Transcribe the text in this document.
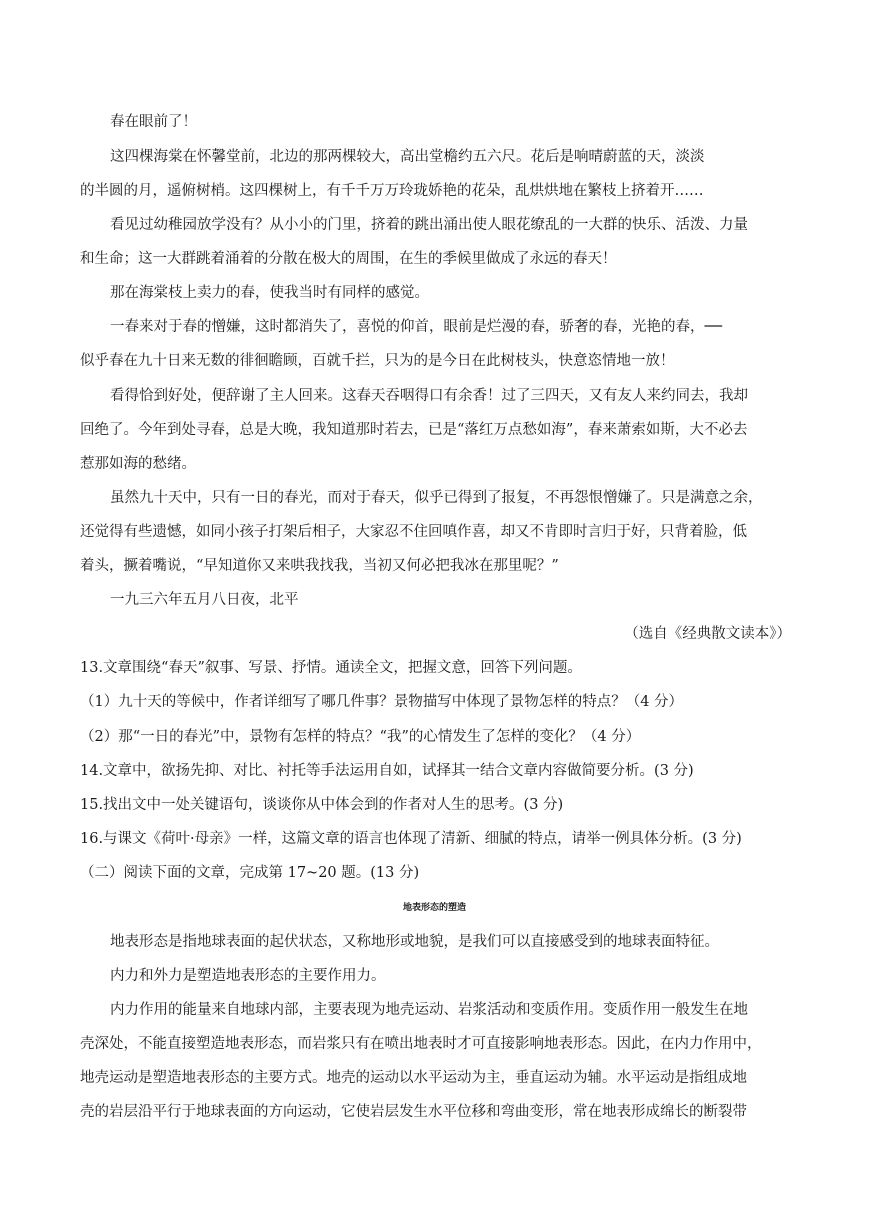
春在眼前了！
这四棵海棠在怀馨堂前，北边的那两棵较大，高出堂檐约五六尺。花后是响晴蔚蓝的天，淡淡
的半圆的月，遥俯树梢。这四棵树上，有千千万万玲珑娇艳的花朵，乱烘烘地在繁枝上挤着开……
看见过幼稚园放学没有？从小小的门里，挤着的跳出涌出使人眼花缭乱的一大群的快乐、活泼、力量
和生命；这一大群跳着涌着的分散在极大的周围，在生的季候里做成了永远的春天！
那在海棠枝上卖力的春，使我当时有同样的感觉。
一春来对于春的憎嫌，这时都消失了，喜悦的仰首，眼前是烂漫的春，骄奢的春，光艳的春，──
似乎春在九十日来无数的徘徊瞻顾，百就千拦，只为的是今日在此树枝头，快意恣情地一放！
看得恰到好处，便辞谢了主人回来。这春天吞咽得口有余香！过了三四天，又有友人来约同去，我却
回绝了。今年到处寻春，总是大晚，我知道那时若去，已是“落红万点愁如海”，春来萧索如斯，大不必去
惹那如海的愁绪。
虽然九十天中，只有一日的春光，而对于春天，似乎已得到了报复，不再怨恨憎嫌了。只是满意之余，
还觉得有些遗憾，如同小孩子打架后相子，大家忍不住回嗔作喜，却又不肯即时言归于好，只背着脸，低
着头，撅着嘴说，“早知道你又来哄我找我，当初又何必把我冰在那里呢？”
一九三六年五月八日夜，北平
（选自《经典散文读本》）
13.文章围绕“春天”叙事、写景、抒情。通读全文，把握文意，回答下列问题。
（1）九十天的等候中，作者详细写了哪几件事？景物描写中体现了景物怎样的特点？（4 分）
（2）那“一日的春光”中，景物有怎样的特点？“我”的心情发生了怎样的变化？（4 分）
14.文章中，欲扬先抑、对比、衬托等手法运用自如，试择其一结合文章内容做简要分析。(3 分)
15.找出文中一处关键语句，谈谈你从中体会到的作者对人生的思考。(3 分)
16.与课文《荷叶·母亲》一样，这篇文章的语言也体现了清新、细腻的特点，请举一例具体分析。(3 分)
（二）阅读下面的文章，完成第 17~20 题。(13 分)
地表形态的塑造
地表形态是指地球表面的起伏状态，又称地形或地貌，是我们可以直接感受到的地球表面特征。
内力和外力是塑造地表形态的主要作用力。
内力作用的能量来自地球内部，主要表现为地壳运动、岩浆活动和变质作用。变质作用一般发生在地
壳深处，不能直接塑造地表形态，而岩浆只有在喷出地表时才可直接影响地表形态。因此，在内力作用中，
地壳运动是塑造地表形态的主要方式。地壳的运动以水平运动为主，垂直运动为辅。水平运动是指组成地
壳的岩层沿平行于地球表面的方向运动，它使岩层发生水平位移和弯曲变形，常在地表形成绵长的断裂带
